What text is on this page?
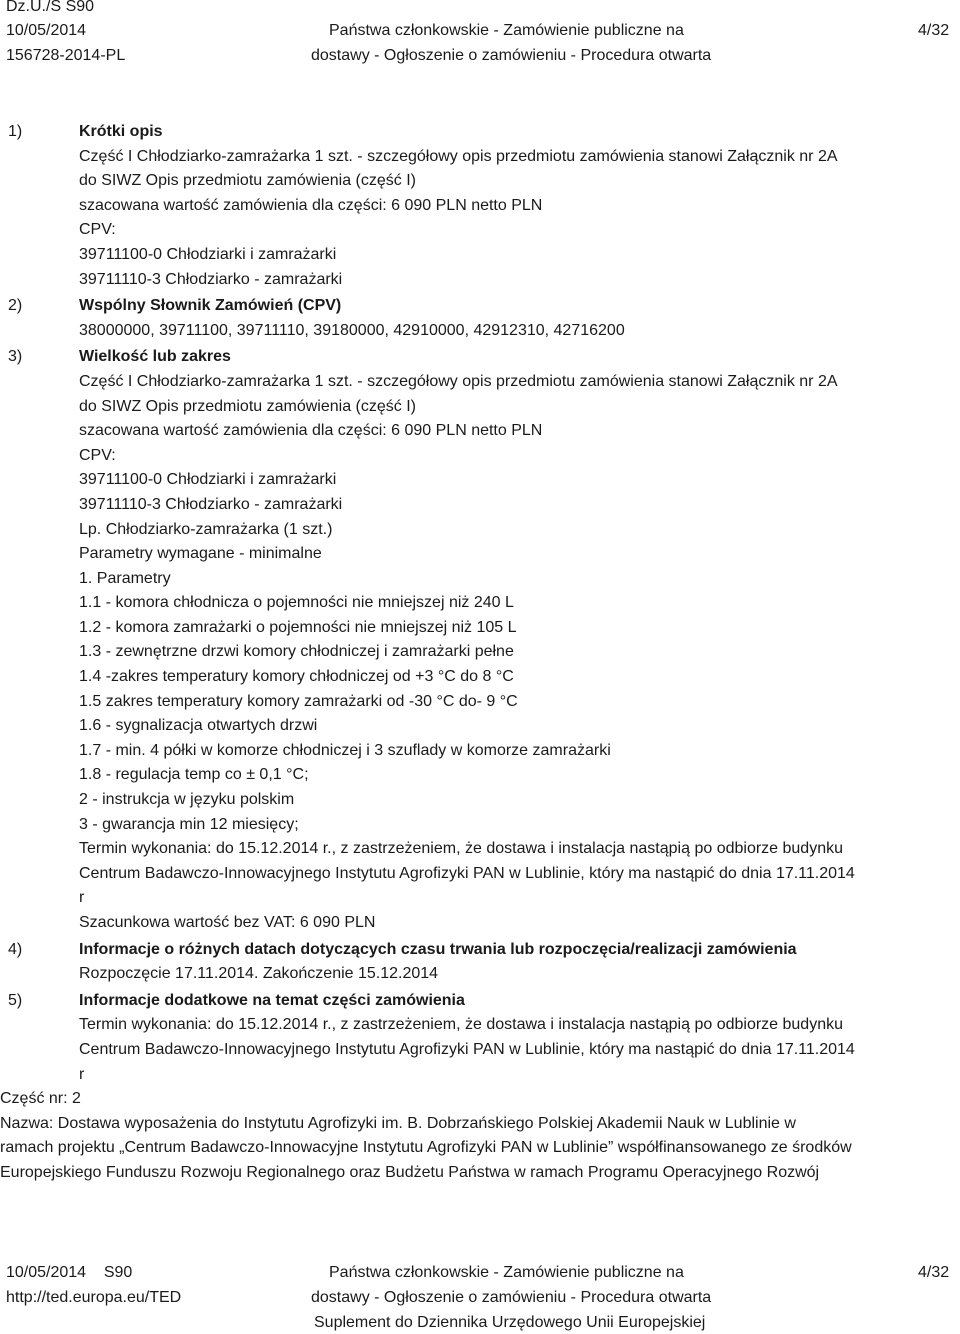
Dz.U./S S90
10/05/2014
156728-2014-PL
Państwa członkowskie - Zamówienie publiczne na
dostawy - Ogłoszenie o zamówieniu - Procedura otwarta
4/32
1)	Krótki opis
Część I Chłodziarko-zamrażarka 1 szt. - szczegółowy opis przedmiotu zamówienia stanowi Załącznik nr 2A
do SIWZ Opis przedmiotu zamówienia (część I)
szacowana wartość zamówienia dla części: 6 090 PLN netto PLN
CPV:
39711100-0 Chłodziarki i zamrażarki
39711110-3 Chłodziarko - zamrażarki
2)	Wspólny Słownik Zamówień (CPV)
38000000, 39711100, 39711110, 39180000, 42910000, 42912310, 42716200
3)	Wielkość lub zakres
Część I Chłodziarko-zamrażarka 1 szt. - szczegółowy opis przedmiotu zamówienia stanowi Załącznik nr 2A
do SIWZ Opis przedmiotu zamówienia (część I)
szacowana wartość zamówienia dla części: 6 090 PLN netto PLN
CPV:
39711100-0 Chłodziarki i zamrażarki
39711110-3 Chłodziarko - zamrażarki
Lp. Chłodziarko-zamrażarka (1 szt.)
Parametry wymagane - minimalne
1. Parametry
1.1 - komora chłodnicza o pojemności nie mniejszej niż 240 L
1.2 - komora zamrażarki o pojemności nie mniejszej niż 105 L
1.3 - zewnętrzne drzwi komory chłodniczej i zamrażarki pełne
1.4 -zakres temperatury komory chłodniczej od +3 °C do 8 °C
1.5 zakres temperatury komory zamrażarki od -30 °C do- 9 °C
1.6 - sygnalizacja otwartych drzwi
1.7 - min. 4 półki w komorze chłodniczej i 3 szuflady w komorze zamrażarki
1.8 - regulacja temp co ± 0,1 °C;
2 - instrukcja w języku polskim
3 - gwarancja min 12 miesięcy;
Termin wykonania: do 15.12.2014 r., z zastrzeżeniem, że dostawa i instalacja nastąpią po odbiorze budynku
Centrum Badawczo-Innowacyjnego Instytutu Agrofizyki PAN w Lublinie, który ma nastąpić do dnia 17.11.2014
r
Szacunkowa wartość bez VAT: 6 090 PLN
4)	Informacje o różnych datach dotyczących czasu trwania lub rozpoczęcia/realizacji zamówienia
Rozpoczęcie 17.11.2014. Zakończenie 15.12.2014
5)	Informacje dodatkowe na temat części zamówienia
Termin wykonania: do 15.12.2014 r., z zastrzeżeniem, że dostawa i instalacja nastąpią po odbiorze budynku
Centrum Badawczo-Innowacyjnego Instytutu Agrofizyki PAN w Lublinie, który ma nastąpić do dnia 17.11.2014
r
Część nr: 2
Nazwa: Dostawa wyposażenia do Instytutu Agrofizyki im. B. Dobrzańskiego Polskiej Akademii Nauk w Lublinie w
ramach projektu „Centrum Badawczo-Innowacyjne Instytutu Agrofizyki PAN w Lublinie” współfinansowanego ze środków
Europejskiego Funduszu Rozwoju Regionalnego oraz Budżetu Państwa w ramach Programu Operacyjnego Rozwój
10/05/2014    S90
http://ted.europa.eu/TED
Państwa członkowskie - Zamówienie publiczne na
dostawy - Ogłoszenie o zamówieniu - Procedura otwarta
Suplement do Dziennika Urzędowego Unii Europejskiej
4/32
